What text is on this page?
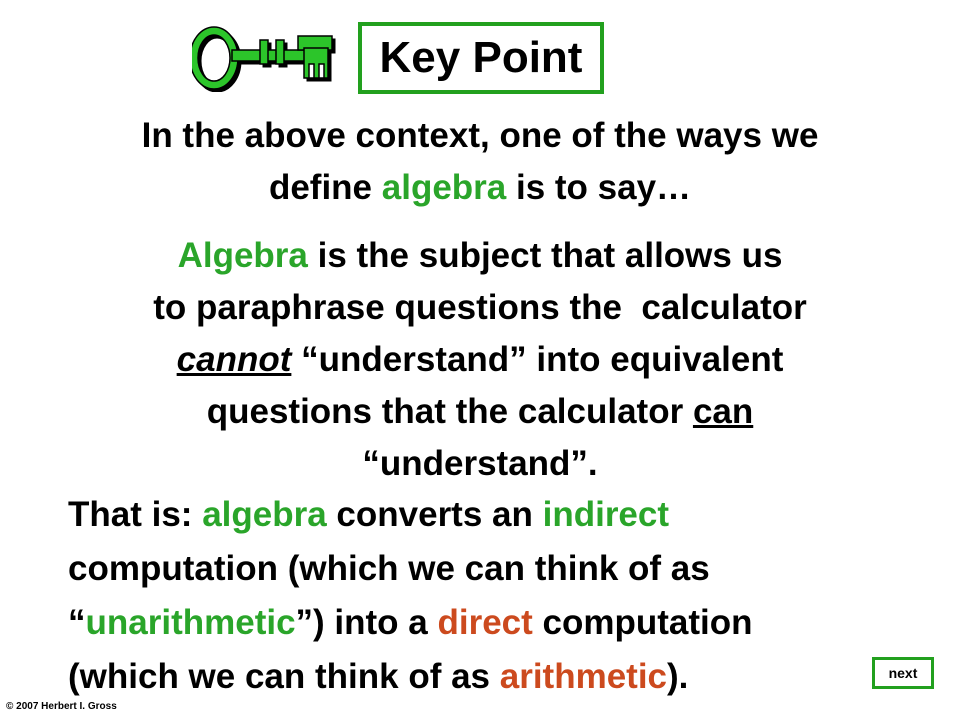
Key Point
In the above context, one of the ways we
define algebra is to say…
Algebra is the subject that allows us
to paraphrase questions the  calculator
cannot “understand” into equivalent
questions that the calculator can
“understand”.
That is: algebra converts an indirect
computation (which we can think of as
“unarithmetic”) into a direct computation
(which we can think of as arithmetic).
© 2007 Herbert I. Gross
next
